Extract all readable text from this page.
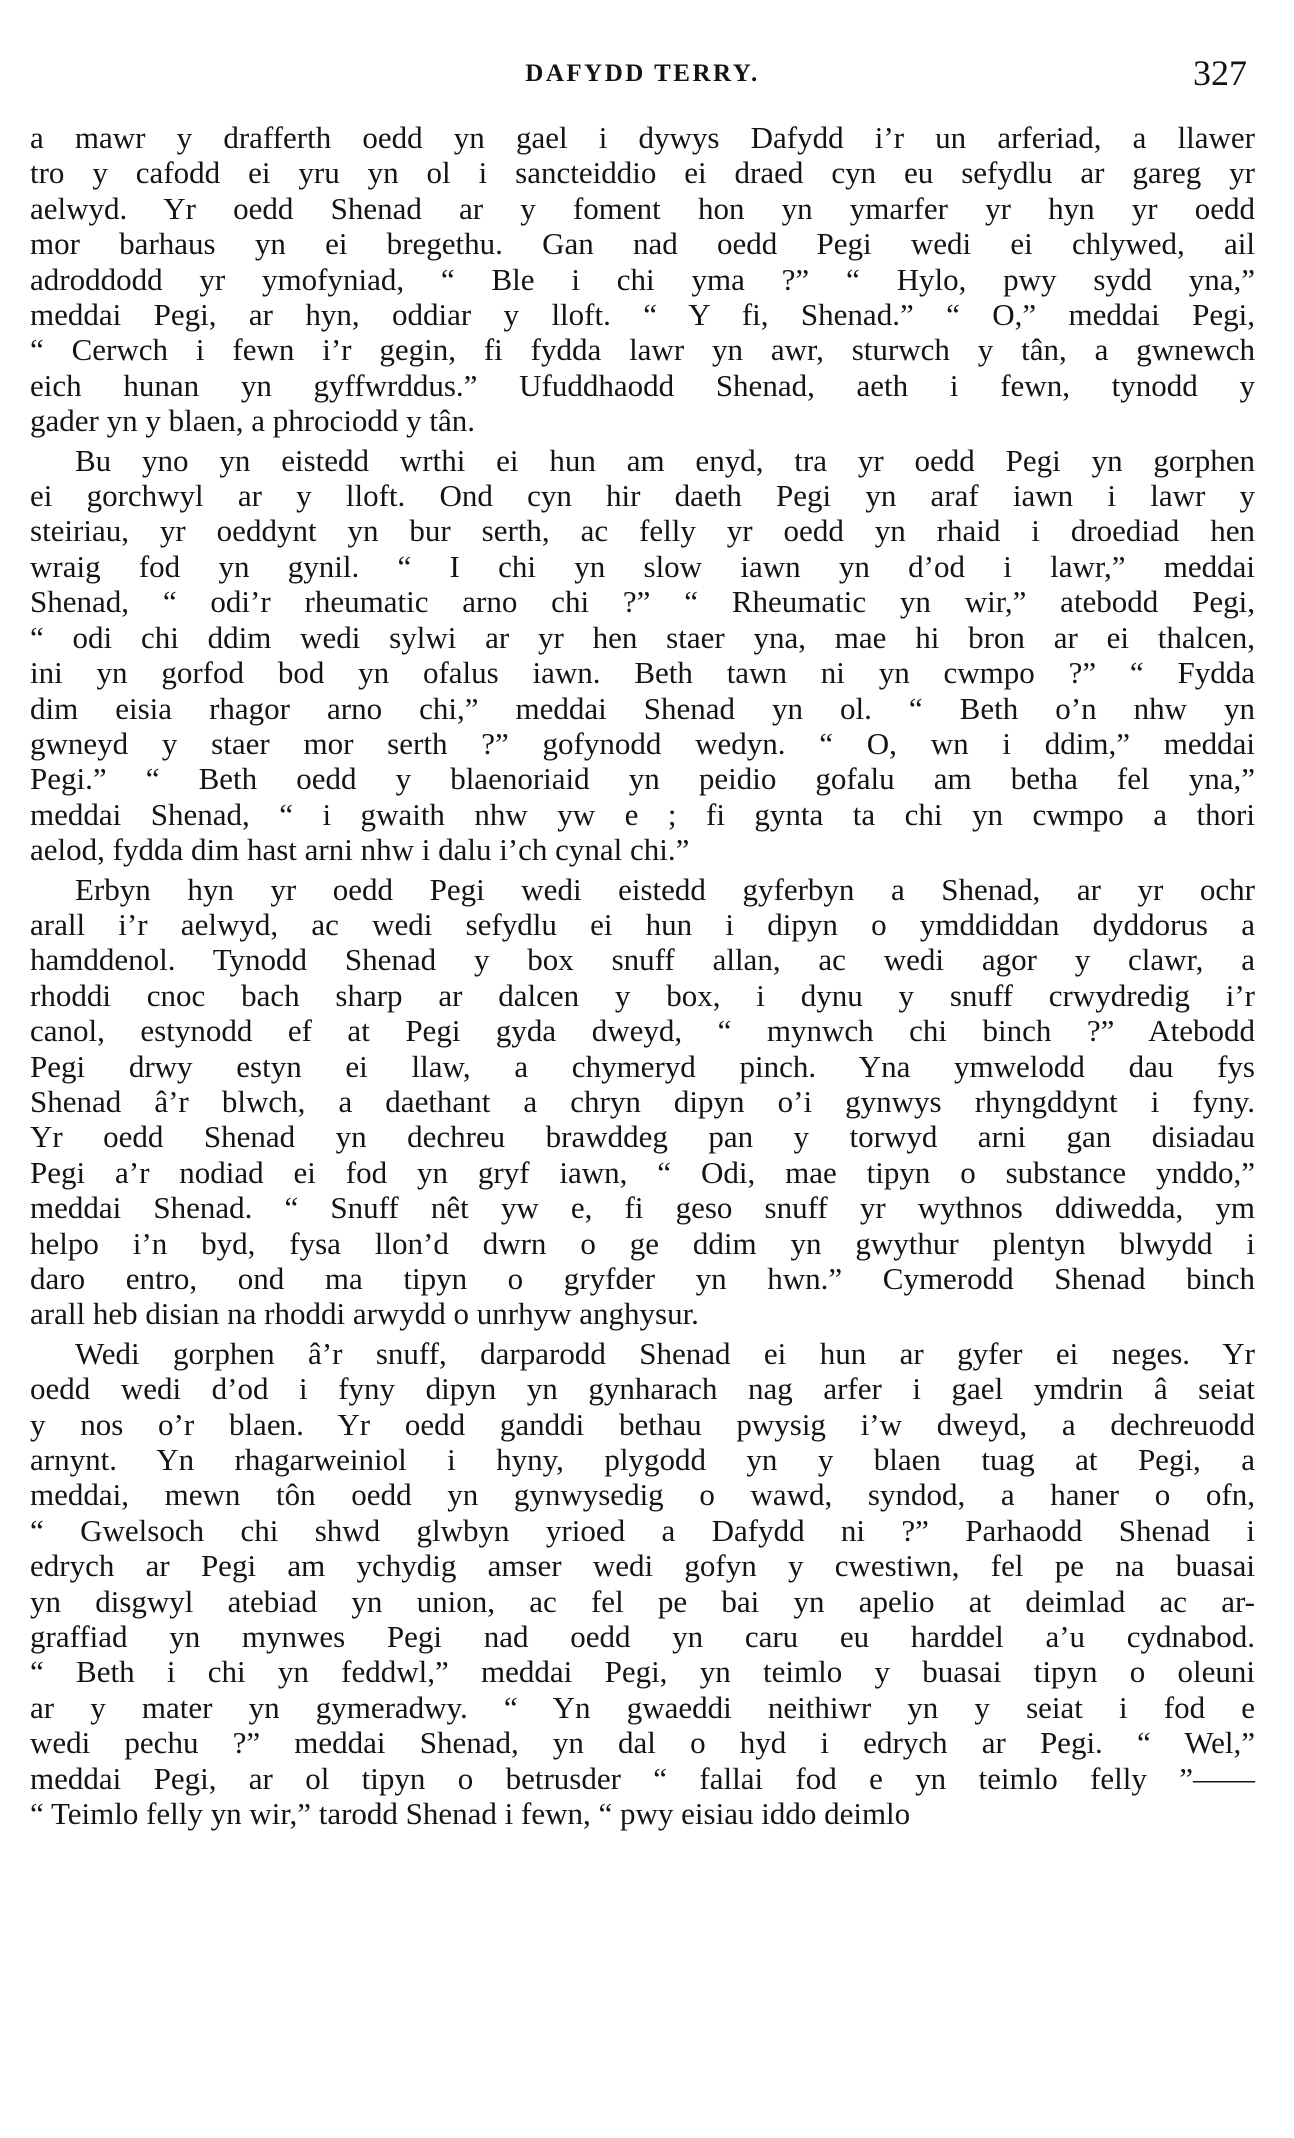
DAFYDD TERRY.	327
a mawr y drafferth oedd yn gael i dywys Dafydd i’r un arferiad, a llawer
tro y cafodd ei yru yn ol i sancteiddio ei draed cyn eu sefydlu ar gareg yr
aelwyd. Yr oedd Shenad ar y foment hon yn ymarfer yr hyn yr oedd
mor barhaus yn ei bregethu. Gan nad oedd Pegi wedi ei chlywed, ail
adroddodd yr ymofyniad, “ Ble i chi yma ?” “ Hylo, pwy sydd yna,”
meddai Pegi, ar hyn, oddiar y lloft. “ Y fi, Shenad.” “ O,” meddai Pegi,
“ Cerwch i fewn i’r gegin, fi fydda lawr yn awr, sturwch y tân, a gwnewch
eich hunan yn gyffwrddus.” Ufuddhaodd Shenad, aeth i fewn, tynodd y
gader yn y blaen, a phrociodd y tân.
Bu yno yn eistedd wrthi ei hun am enyd, tra yr oedd Pegi yn gorphen
ei gorchwyl ar y lloft. Ond cyn hir daeth Pegi yn araf iawn i lawr y
steiriau, yr oeddynt yn bur serth, ac felly yr oedd yn rhaid i droediad hen
wraig fod yn gynil. “ I chi yn slow iawn yn d’od i lawr,” meddai
Shenad, “ odi’r rheumatic arno chi ?” “ Rheumatic yn wir,” atebodd Pegi,
“ odi chi ddim wedi sylwi ar yr hen staer yna, mae hi bron ar ei thalcen,
ini yn gorfod bod yn ofalus iawn. Beth tawn ni yn cwmpo ?” “ Fydda
dim eisia rhagor arno chi,” meddai Shenad yn ol. “ Beth o’n nhw yn
gwneyd y staer mor serth ?” gofynodd wedyn. “ O, wn i ddim,” meddai
Pegi.” “ Beth oedd y blaenoriaid yn peidio gofalu am betha fel yna,”
meddai Shenad, “ i gwaith nhw yw e ; fi gynta ta chi yn cwmpo a thori
aelod, fydda dim hast arni nhw i dalu i’ch cynal chi.”
Erbyn hyn yr oedd Pegi wedi eistedd gyferbyn a Shenad, ar yr ochr
arall i’r aelwyd, ac wedi sefydlu ei hun i dipyn o ymddiddan dyddorus a
hamddenol. Tynodd Shenad y box snuff allan, ac wedi agor y clawr, a
rhoddi cnoc bach sharp ar dalcen y box, i dynu y snuff crwydredig i’r
canol, estynodd ef at Pegi gyda dweyd, “ mynwch chi binch ?” Atebodd
Pegi drwy estyn ei llaw, a chymeryd pinch. Yna ymwelodd dau fys
Shenad â’r blwch, a daethant a chryn dipyn o’i gynwys rhyngddynt i fyny.
Yr oedd Shenad yn dechreu brawddeg pan y torwyd arni gan disiadau
Pegi a’r nodiad ei fod yn gryf iawn, “ Odi, mae tipyn o substance ynddo,”
meddai Shenad. “ Snuff nêt yw e, fi geso snuff yr wythnos ddiwedda, ym
helpo i’n byd, fysa llon’d dwrn o ge ddim yn gwythur plentyn blwydd i
daro entro, ond ma tipyn o gryfder yn hwn.” Cymerodd Shenad binch
arall heb disian na rhoddi arwydd o unrhyw anghysur.
Wedi gorphen â’r snuff, darparodd Shenad ei hun ar gyfer ei neges. Yr
oedd wedi d’od i fyny dipyn yn gynharach nag arfer i gael ymdrin â seiat
y nos o’r blaen. Yr oedd ganddi bethau pwysig i’w dweyd, a dechreuodd
arnynt. Yn rhagarweiniol i hyny, plygodd yn y blaen tuag at Pegi, a
meddai, mewn tôn oedd yn gynwysedig o wawd, syndod, a haner o ofn,
“ Gwelsoch chi shwd glwbyn yrioed a Dafydd ni ?” Parhaodd Shenad i
edrych ar Pegi am ychydig amser wedi gofyn y cwestiwn, fel pe na buasai
yn disgwyl atebiad yn union, ac fel pe bai yn apelio at deimlad ac ar-
graffiad yn mynwes Pegi nad oedd yn caru eu harddel a’u cydnabod.
“ Beth i chi yn feddwl,” meddai Pegi, yn teimlo y buasai tipyn o oleuni
ar y mater yn gymeradwy. “ Yn gwaeddi neithiwr yn y seiat i fod e
wedi pechu ?” meddai Shenad, yn dal o hyd i edrych ar Pegi. “ Wel,”
meddai Pegi, ar ol tipyn o betrusder “ fallai fod e yn teimlo felly ”——
“ Teimlo felly yn wir,” tarodd Shenad i fewn, “ pwy eisiau iddo deimlo
